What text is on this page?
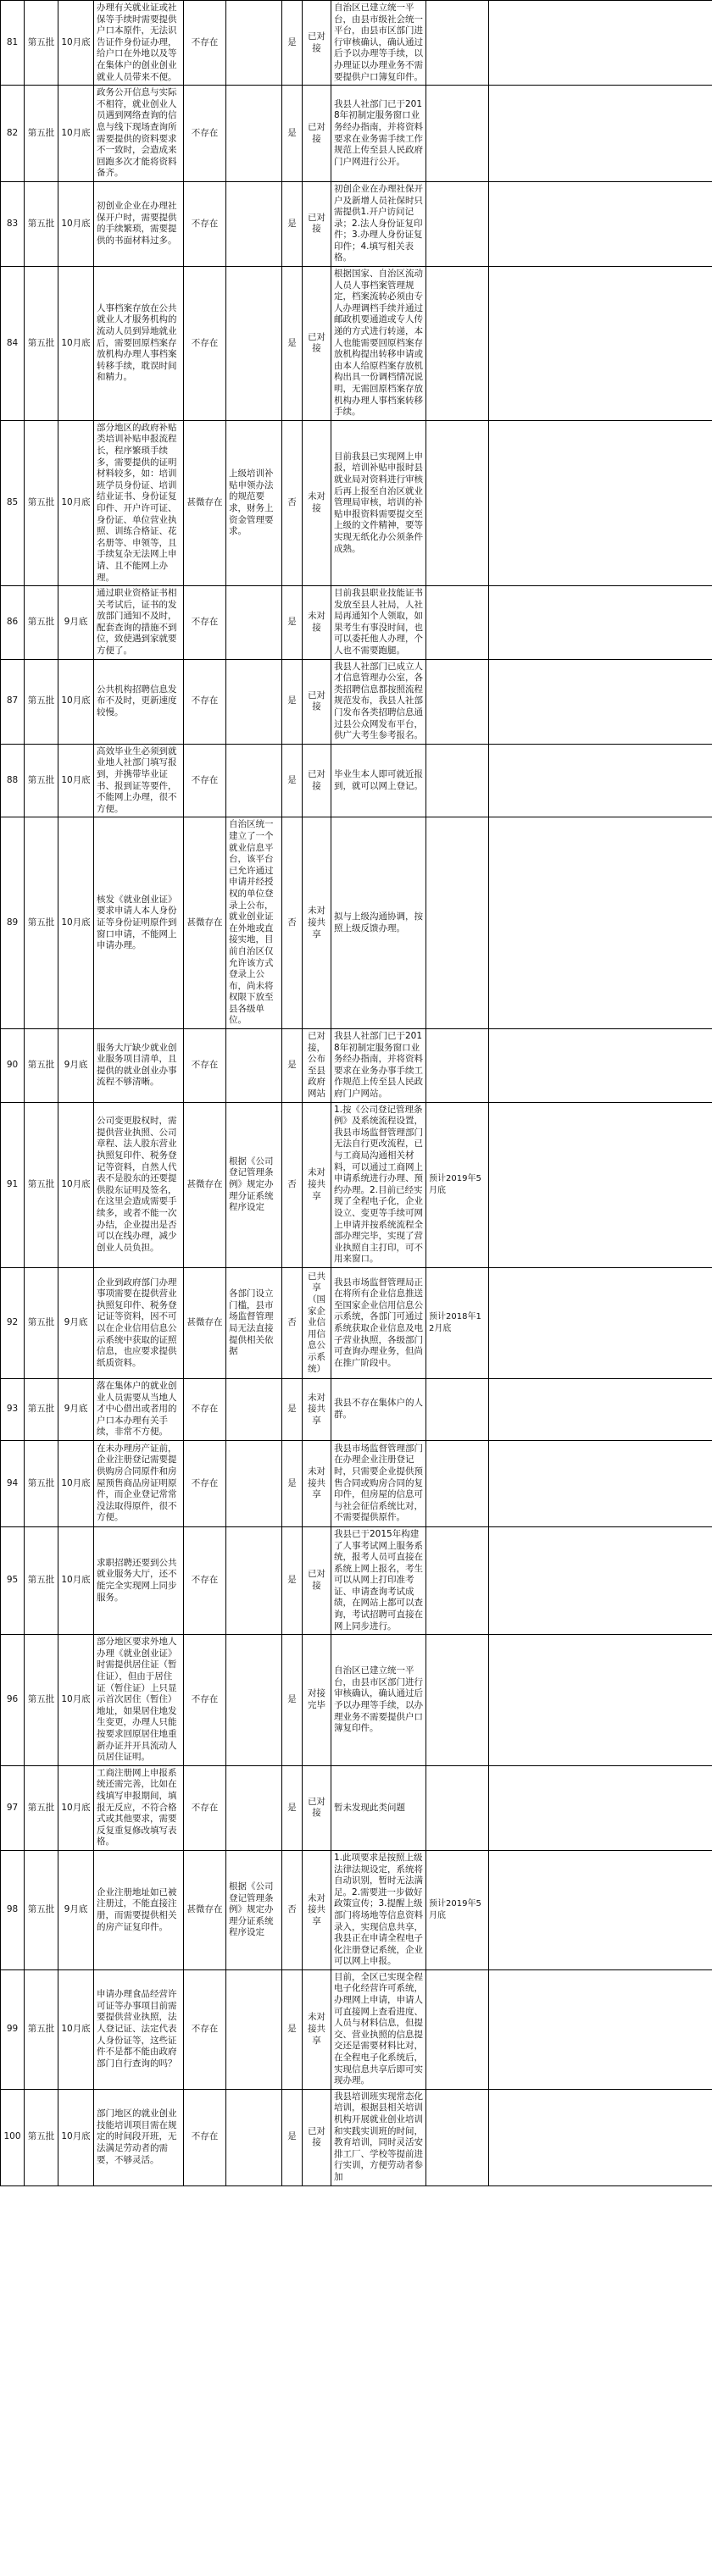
81	第五批	10月底	办理有关就业证或社保等手续时需要提供户口本原件，无法识告证件身份证办理，给户口在外地以及等在集体户的创业创业就业人员带来不便。	不存在		是	已对接	自治区已建立统一平台，由县市级社会统一平台，由县市区部门进行审核确认，确认通过后予以办理等手续，以办理证以办理业务不需要提供户口簿复印件。		
82	第五批	10月底	政务公开信息与实际不相符，就业创业人员遇到网络查询的信息与线下现场查询所需要提供的资料要求不一致时，会造成来回跑多次才能将资料备齐。	不存在		是	已对接	我县人社部门已于2018年初制定服务窗口业务经办指南，并将资料要求在业务需手续工作规范上传至县人民政府门户网进行公开。		
83	第五批	10月底	初创业企业在办理社保开户时，需要提供的手续繁琐，需要提供的书面材料过多。	不存在		是	已对接	初创企业在办理社保开户及新增人员社保时只需提供1.开户访问记录；2.法人身份证复印件；3.办理人身份证复印件；4.填写相关表格。		
84	第五批	10月底	人事档案存放在公共就业人才服务机构的流动人员到异地就业后，需要回原档案存放机构办理人事档案转移手续，耽误时间和精力。	不存在		是	已对接	根据国家、自治区流动人员人事档案管理规定，档案流转必须由专人办理调档手续并通过邮政机要通道或专人传递的方式进行转递，本人也能需要回原档案存放机构提出转移申请或由本人给原档案存放机构出具一份调档情况说明，无需回原档案存放机构办理人事档案转移手续。		
85	第五批	10月底	部分地区的政府补贴类培训补贴申报流程长，程序繁琐手续多，需要提供的证明材料较多，如：培训班学员身份证、培训结业证书、身份证复印件、开户许可证、身份证、单位营业执照、训练合格证、花名册等、申领等，且手续复杂无法网上申请、且不能网上办理。	甚微存在	上级培训补贴申领办法的规范要求，财务上资金管理要求。	否	未对接	目前我县已实现网上申报，培训补贴申报时县就业局对资料进行审核后再上报至自治区就业管理局审核，培训的补贴申报资料需要提交至上级的文件精神，要等实现无纸化办公须条件成熟。		
86	第五批	9月底	通过职业资格证书相关考试后，证书的发放部门通知不及时，配套查询的措施不到位，致使遇到家就要方便了。	不存在		是	未对接	目前我县职业技能证书发放至县人社局，人社局再通知个人领取，如果考生有事没时间，也可以委托他人办理，个人也不需要跑腿。		
87	第五批	10月底	公共机构招聘信息发布不及时，更新速度较慢。	不存在		是	已对接	我县人社部门已成立人才信息管理办公室，各类招聘信息都按照流程规范发布，我县人社部门发布各类招聘信息通过县公众网发布平台，供广大考生参考报名。		
88	第五批	10月底	高效毕业生必须到就业地人社部门填写报到，并携带毕业证书、报到证等要件，不能网上办理，很不方便。	不存在		是	已对接	毕业生本人即可就近报到，就可以网上登记。		
89	第五批	10月底	核发《就业创业证》要求申请人本人身份证等身份证明原件到窗口申请，不能网上申请办理。	甚微存在	自治区统一建立了一个就业信息平台，该平台已允许通过申请并经授权的单位登录上公布，就业创业证在外地或直接实地，目前自治区仅允许该方式登录上公布，尚未将权限下放至县各级单位。	否	未对接共享	拟与上级沟通协调，按照上级反馈办理。		
90	第五批	9月底	服务大厅缺少就业创业服务项目清单，且提供的就业创业办事流程不够清晰。	不存在		是	已对接，公布至县政府网站	我县人社部门已于2018年初制定服务窗口业务经办指南，并将资料要求在业务办事手续工作规范上传至县人民政府门户网站。		
91	第五批	10月底	公司变更股权时，需提供营业执照、公司章程、法人股东营业执照复印件、税务登记等资料，自然人代表不是股东的还要提供股东证明及签名，在这里会造成需要手续多，或者不能一次办结，企业提出是否可以在线办理，减少创业人员负担。	甚微存在	根据《公司登记管理条例》规定办理分证系统程序设定	否	未对接共享	1.按《公司登记管理条例》及系统流程设置，我县市场监督管理部门无法自行更改流程，已与工商局沟通相关材料，可以通过工商网上申请系统进行办理、预约办理。2.目前已经实现了全程电子化，企业设立、变更等手续可网上申请并按系统流程全部办理完毕，实现了营业执照自主打印，可不用来窗口。	预计2019年5月底	
92	第五批	9月底	企业到政府部门办理事项需要在提供营业执照复印件、税务登记证等资料，因不可以在企业信用信息公示系统中获取的证照信息，也应要求提供纸质资料。	甚微存在	各部门设立门槛，县市场监督管理局无法直接提供相关依据	否	已共享（国家企业信用信息公示系统）	我县市场监督管理局正在将所有企业信息推送至国家企业信用信息公示系统，各部门可通过系统获取企业信息及电子营业执照，各级部门可查询办理业务，但尚在推广阶段中。	预计2018年12月底	
93	第五批	9月底	落在集体户的就业创业人员需要从当地人才中心借出或者用的户口本办理有关手续，非常不方便。	不存在		是	未对接共享	我县不存在集体户的人群。		
94	第五批	10月底	在未办理房产证前，企业注册登记需要提供购房合同原件和房屋预售商品房证明原件，而企业登记常常没法取得原件，很不方便。	不存在		是	未对接共享	我县市场监督管理部门在办理企业注册登记时，只需要企业提供预售合同或购房合同的复印件，但房屋的信息可与社会征信系统比对，不需要提供原件。		
95	第五批	10月底	求职招聘还要到公共就业服务大厅，还不能完全实现网上同步服务。	不存在		是	已对接	我县已于2015年构建了人事考试网上服务系统，报考人员可直接在系统上网上报名，考生可以从网上打印准考证、申请查询考试成绩，在网站上都可以查询，考试招聘可直接在网上同步进行。		
96	第五批	10月底	部分地区要求外地人办理《就业创业证》时需提供居住证（暂住证），但由于居住证（暂住证）上只显示首次居住（暂住）地址，如果居住地发生变更，办理人只能按要求回原居住地重新办证并开具流动人员居住证明。	不存在		是	对接完毕	自治区已建立统一平台，由县市区部门进行审核确认，确认通过后予以办理等手续，以办理业务不需要提供户口簿复印件。		
97	第五批	10月底	工商注册网上申报系统还需完善，比如在线填写申报期间，填报无反应，不符合格式或其他要求，需要反复重复修改填写表格。	不存在		是	已对接	暂未发现此类问题		
98	第五批	9月底	企业注册地址如已被注册过，不能直接注册，而需要提供相关的房产证复印件。	甚微存在	根据《公司登记管理条例》规定办理分证系统程序设定	否	未对接共享	1.此项要求是按照上级法律法规设定，系统将自动识别，暂时无法满足。2.需要进一步做好政策宣传；3.提醒上级部门将场地等信息资料录入，实现信息共享，我县正在申请全程电子化注册登记系统，企业可以网上申报。	预计2019年5月底	
99	第五批	10月底	申请办理食品经营许可证等办事项目前需要提供营业执照，法人登记证、法定代表人身份证等，这些证件不是都不能由政府部门自行查询的吗？	不存在		是	未对接共享	目前，全区已实现全程电子化经营许可系统，办理网上申请，申请人可直接网上查看进度、人员与材料信息，但提交、营业执照的信息提交还是需要材料比对，在全程电子化系统后，实现信息共享后即可实现办理。		
100	第五批	10月底	部门地区的就业创业技能培训项目需在规定的时间段开班，无法满足劳动者的需要，不够灵活。	不存在		是	已对接	我县培训班实现常态化培训，根据县相关培训机构开展就业创业培训和实践实训班的时间，教育培训，同时灵活安排工厂、学校等提前进行实训，方便劳动者参加		
